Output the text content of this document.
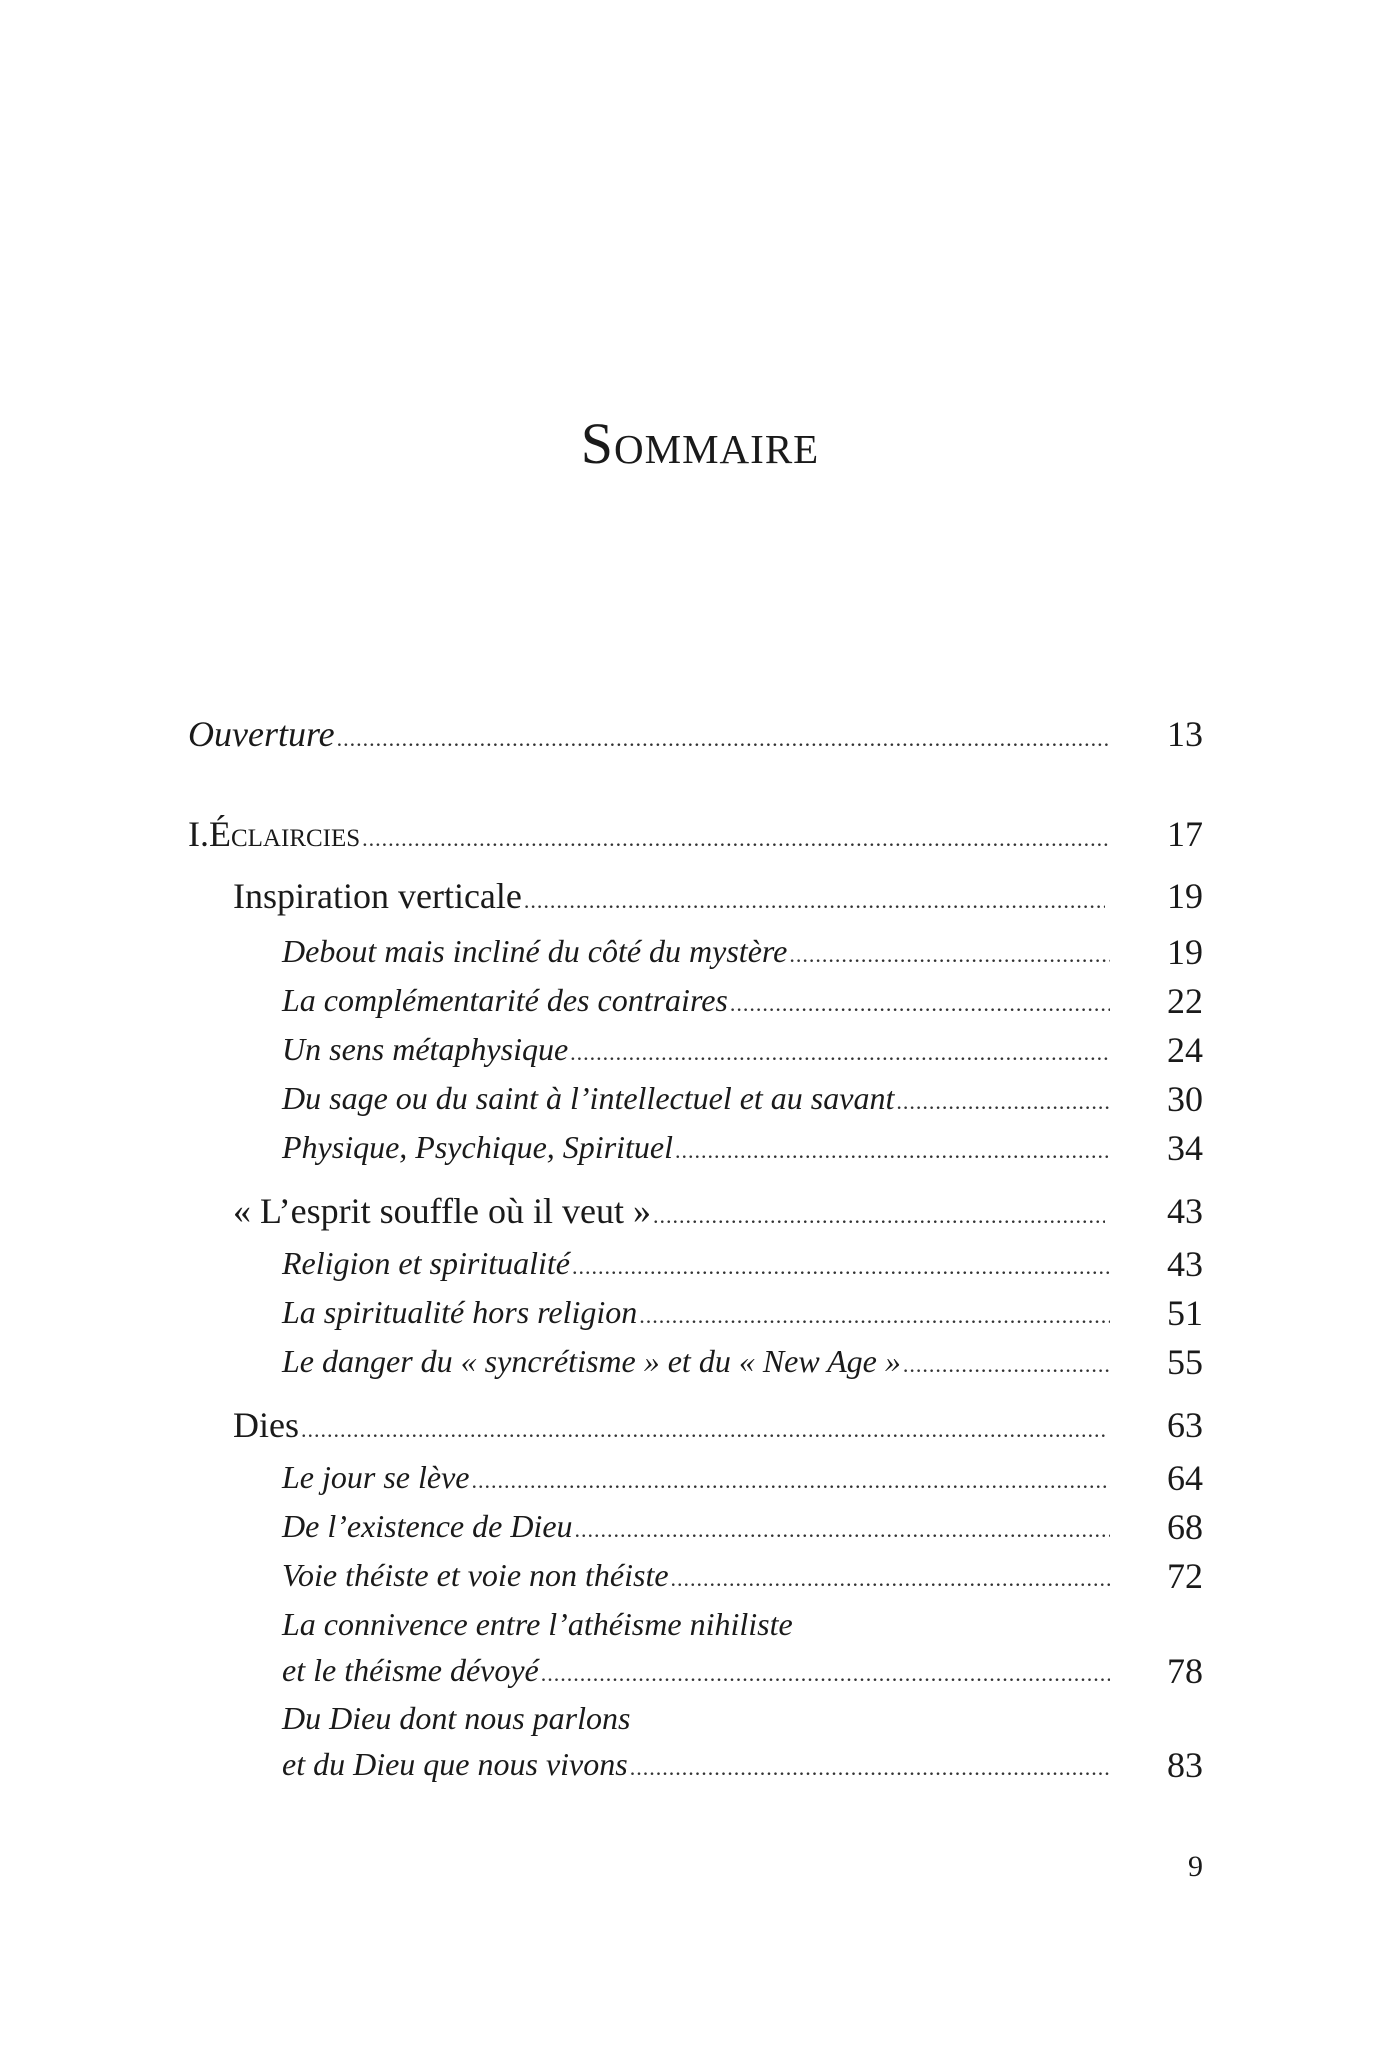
Sommaire
Ouverture .....	13
I. Éclaircies .....	17
Inspiration verticale .....	19
Debout mais incliné du côté du mystère .....	19
La complémentarité des contraires .....	22
Un sens métaphysique .....	24
Du sage ou du saint à l’intellectuel et au savant .....	30
Physique, Psychique, Spirituel .....	34
« L’esprit souffle où il veut » .....	43
Religion et spiritualité .....	43
La spiritualité hors religion .....	51
Le danger du « syncrétisme » et du « New Age » .....	55
Dies .....	63
Le jour se lève .....	64
De l’existence de Dieu .....	68
Voie théiste et voie non théiste .....	72
La connivence entre l’athéisme nihiliste
et le théisme dévoyé .....	78
Du Dieu dont nous parlons
et du Dieu que nous vivons .....	83
9
